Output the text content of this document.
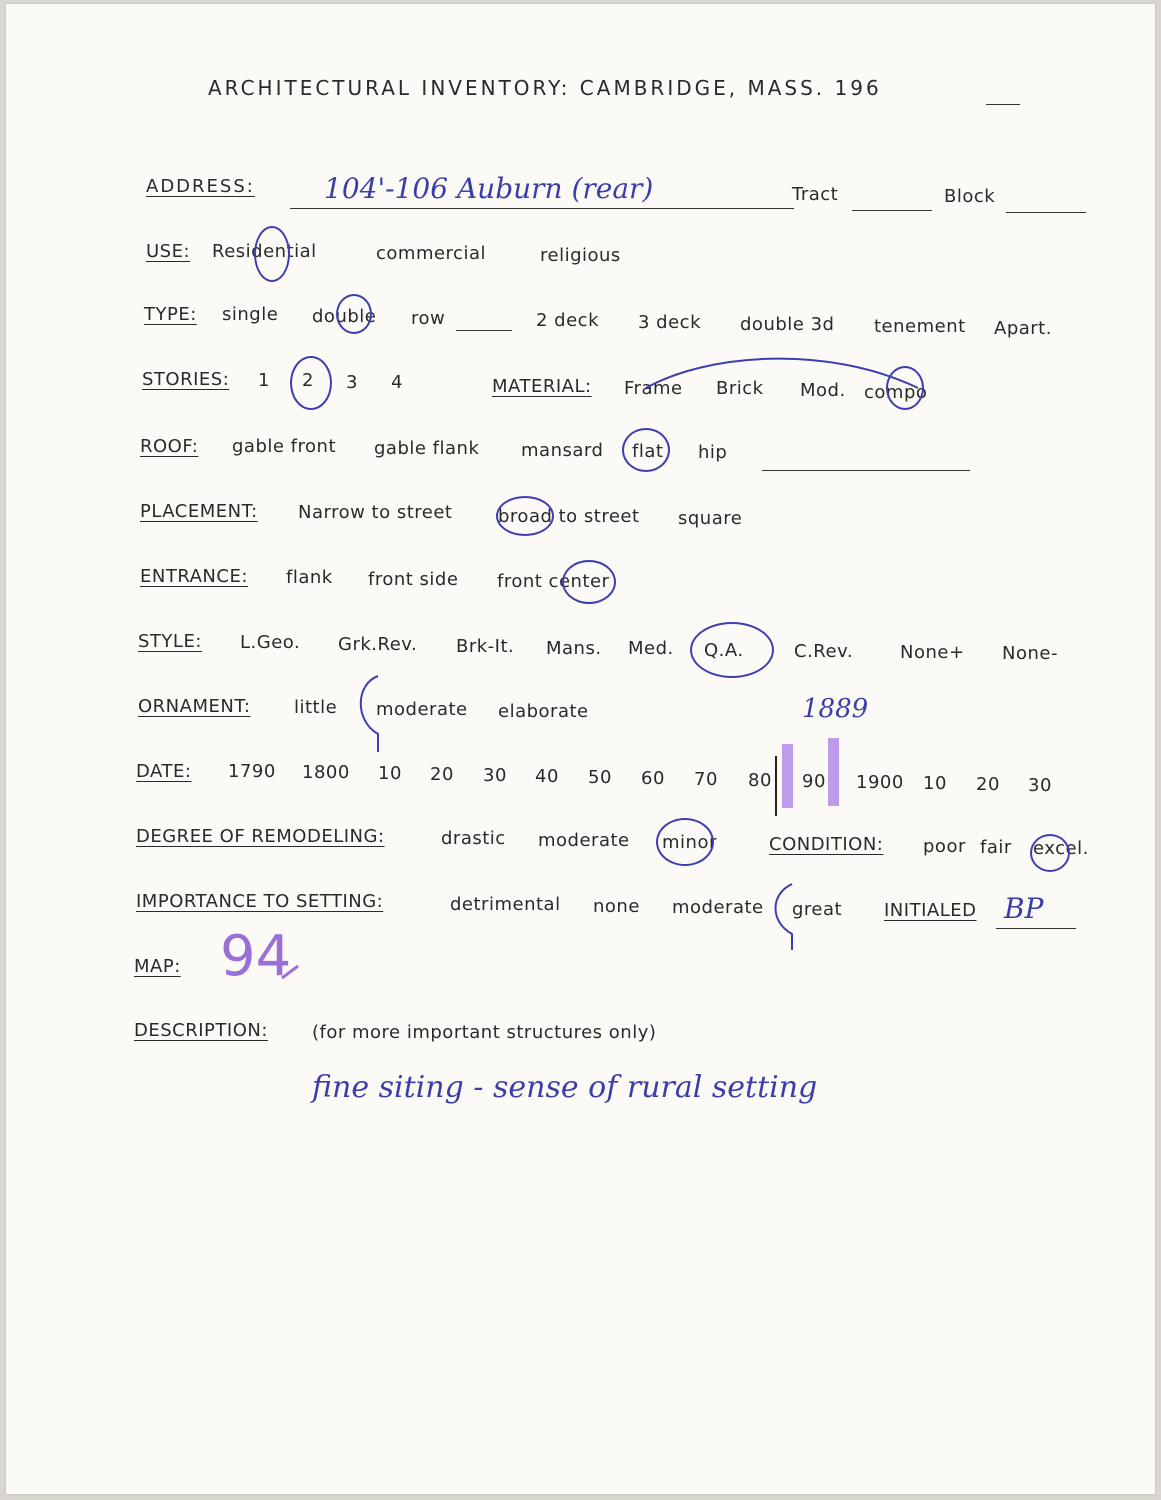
ARCHITECTURAL INVENTORY: CAMBRIDGE, MASS. 196
ADDRESS: 104'-106 Auburn (rear)	Tract	Block
USE: Residential	commercial	religious
TYPE: single double row	2 deck 3 deck double 3d tenement Apart.
STORIES: 1 2 3 4	MATERIAL: Frame Brick Mod. compo
ROOF: gable front gable flank mansard flat hip
PLACEMENT: Narrow to street	broad to street square
ENTRANCE: flank front side front center
STYLE: L.Geo. Grk.Rev. Brk-It. Mans. Med. Q.A.	C.Rev.	None+ None-
ORNAMENT: little moderate elaborate
DATE: 1790 1800 10 20 30 40 50 60 70 80 90 1900 10 20 30
1889
DEGREE OF REMODELING:	drastic moderate minor	CONDITION: poor fair excel.
IMPORTANCE TO SETTING:	detrimental none moderate great INITIALED BP
MAP: 94
DESCRIPTION: (for more important structures only)
fine siting - sense of rural setting
